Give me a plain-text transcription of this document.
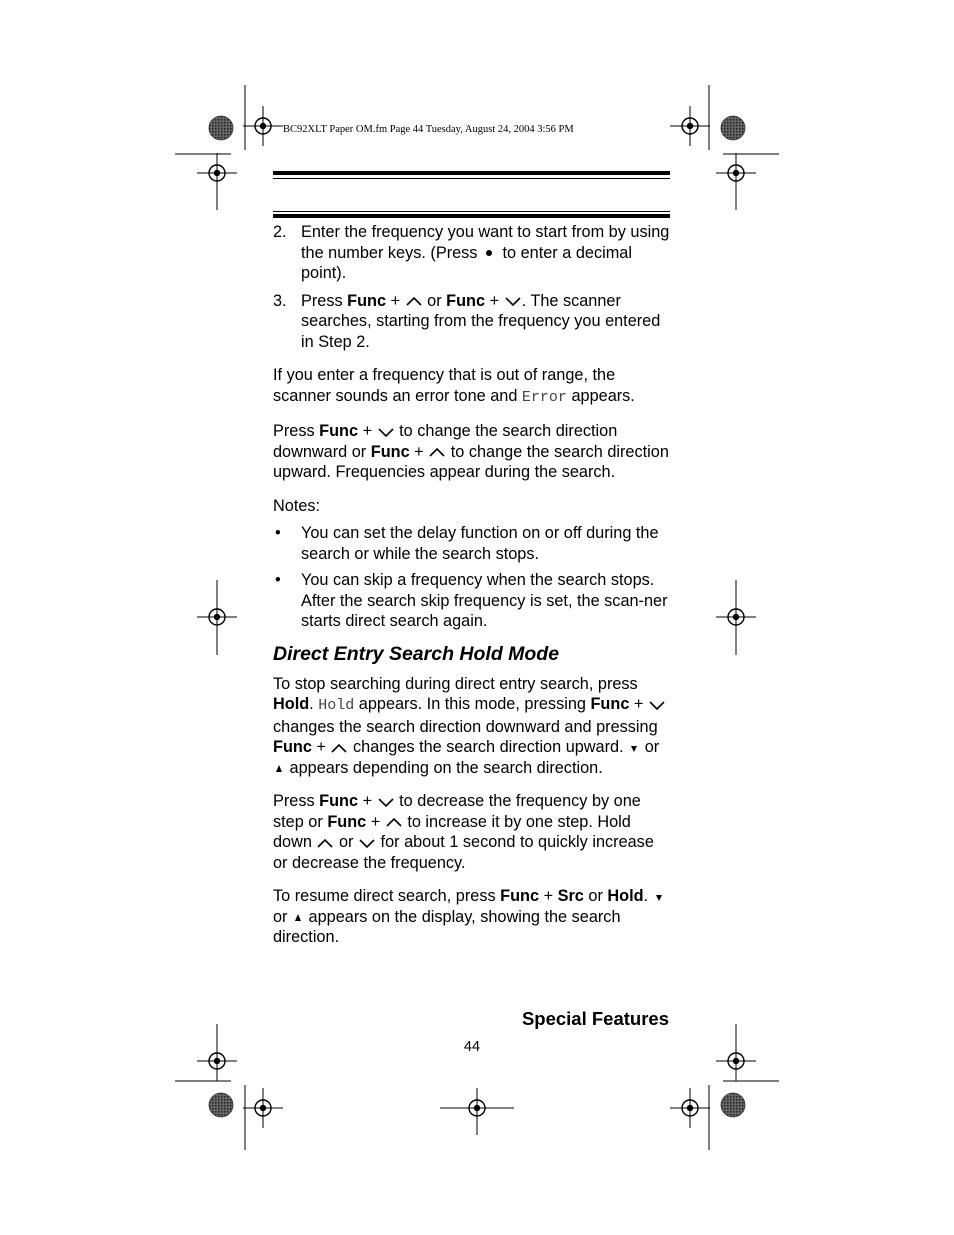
BC92XLT Paper OM.fm Page 44 Tuesday, August 24, 2004 3:56 PM
2. Enter the frequency you want to start from by using the number keys. (Press to enter a decimal point).
3. Press Func + or Func + . The scanner searches, starting from the frequency you entered in Step 2.

If you enter a frequency that is out of range, the scanner sounds an error tone and Error appears.

Press Func + to change the search direction downward or Func + to change the search direction upward. Frequencies appear during the search.

Notes:

• You can set the delay function on or off during the search or while the search stops.
• You can skip a frequency when the search stops. After the search skip frequency is set, the scan-ner starts direct search again.
Direct Entry Search Hold Mode

To stop searching during direct entry search, press Hold. Hold appears. In this mode, pressing Func +  changes the search direction downward and pressing Func + changes the search direction upward. or  appears depending on the search direction.

Press Func + to decrease the frequency by one step or Func + to increase it by one step. Hold down or for about 1 second to quickly increase or decrease the frequency.

To resume direct search, press Func + Src or Hold.  or appears on the display, showing the search direction.

Special Features
44
